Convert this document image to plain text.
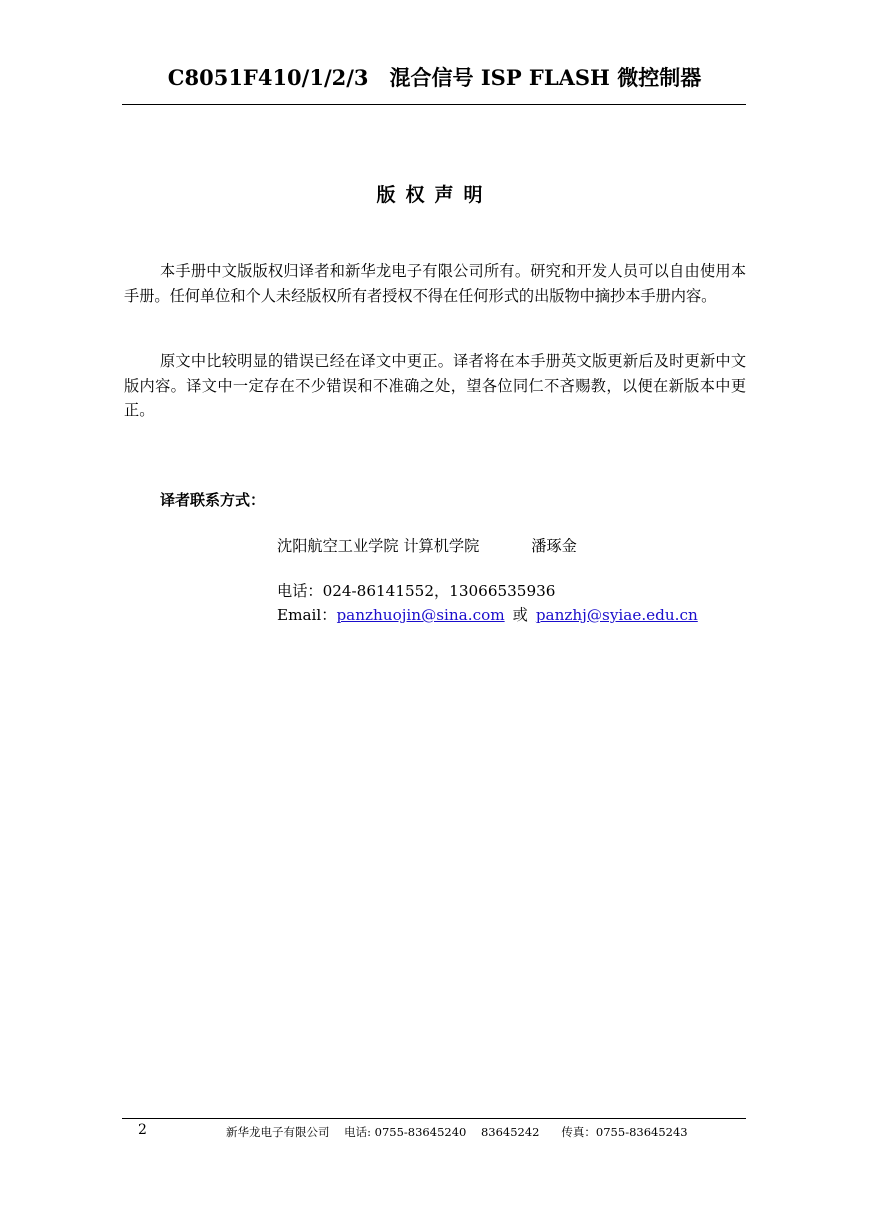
C8051F410/1/2/3　混合信号 ISP FLASH 微控制器
版权声明
本手册中文版版权归译者和新华龙电子有限公司所有。研究和开发人员可以自由使用本手册。任何单位和个人未经版权所有者授权不得在任何形式的出版物中摘抄本手册内容。
原文中比较明显的错误已经在译文中更正。译者将在本手册英文版更新后及时更新中文版内容。译文中一定存在不少错误和不准确之处，望各位同仁不吝赐教，以便在新版本中更正。
译者联系方式：
沈阳航空工业学院 计算机学院	潘琢金
电话：024-86141552，13066535936
Email：panzhuojin@sina.com 或 panzhj@syiae.edu.cn
2	新华龙电子有限公司    电话: 0755-83645240    83645242      传真：0755-83645243
